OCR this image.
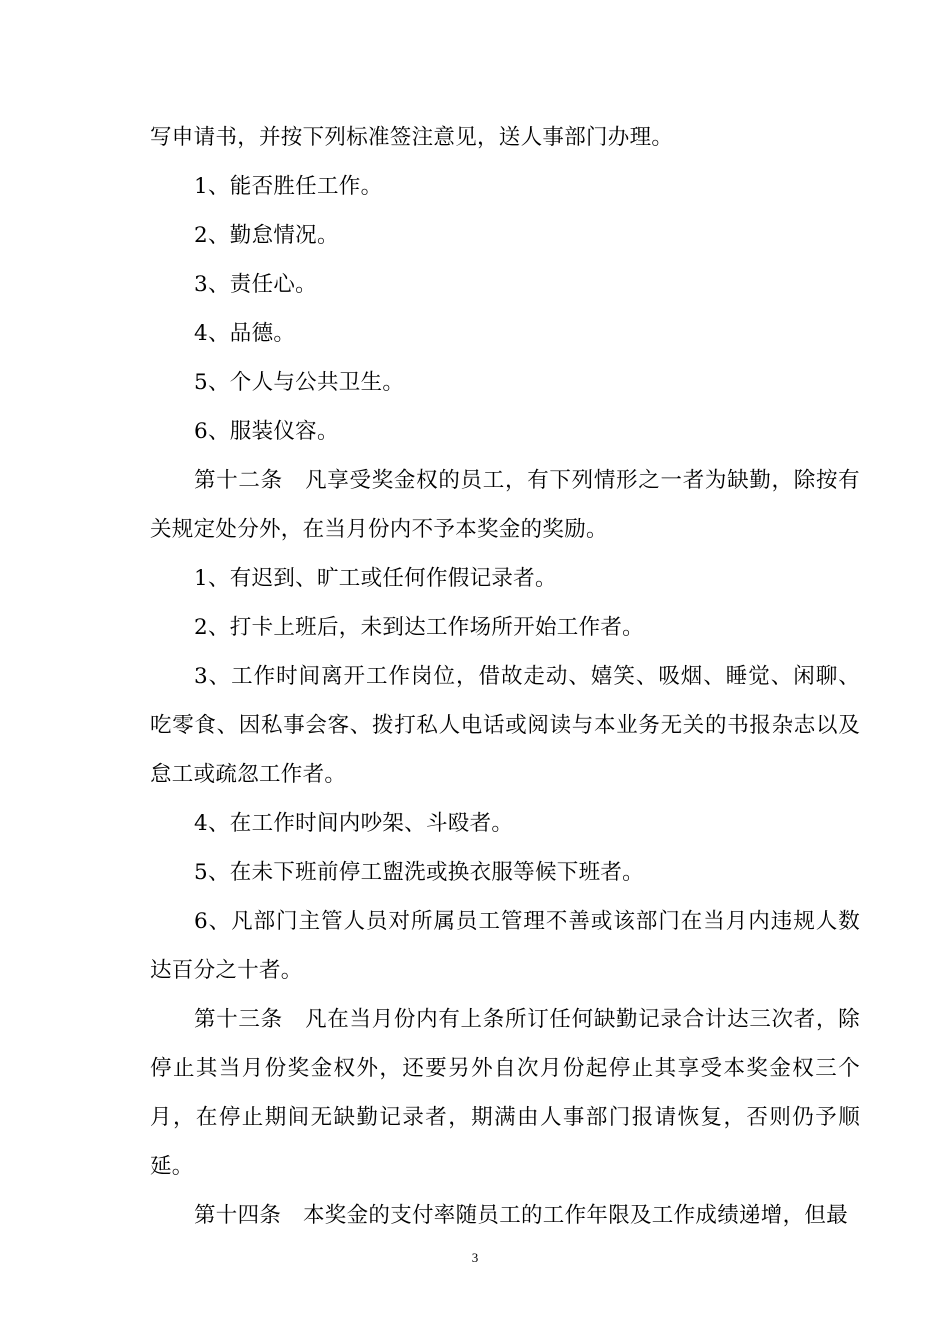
写申请书，并按下列标准签注意见，送人事部门办理。

1、能否胜任工作。

2、勤怠情况。

3、责任心。

4、品德。

5、个人与公共卫生。

6、服装仪容。

第十二条　凡享受奖金权的员工，有下列情形之一者为缺勤，除按有关规定处分外，在当月份内不予本奖金的奖励。

1、有迟到、旷工或任何作假记录者。

2、打卡上班后，未到达工作场所开始工作者。

3、工作时间离开工作岗位，借故走动、嬉笑、吸烟、睡觉、闲聊、吃零食、因私事会客、拨打私人电话或阅读与本业务无关的书报杂志以及怠工或疏忽工作者。

4、在工作时间内吵架、斗殴者。

5、在未下班前停工盥洗或换衣服等候下班者。

6、凡部门主管人员对所属员工管理不善或该部门在当月内违规人数达百分之十者。

第十三条　凡在当月份内有上条所订任何缺勤记录合计达三次者，除停止其当月份奖金权外，还要另外自次月份起停止其享受本奖金权三个月，在停止期间无缺勤记录者，期满由人事部门报请恢复，否则仍予顺延。

第十四条　本奖金的支付率随员工的工作年限及工作成绩递增，但最

3
